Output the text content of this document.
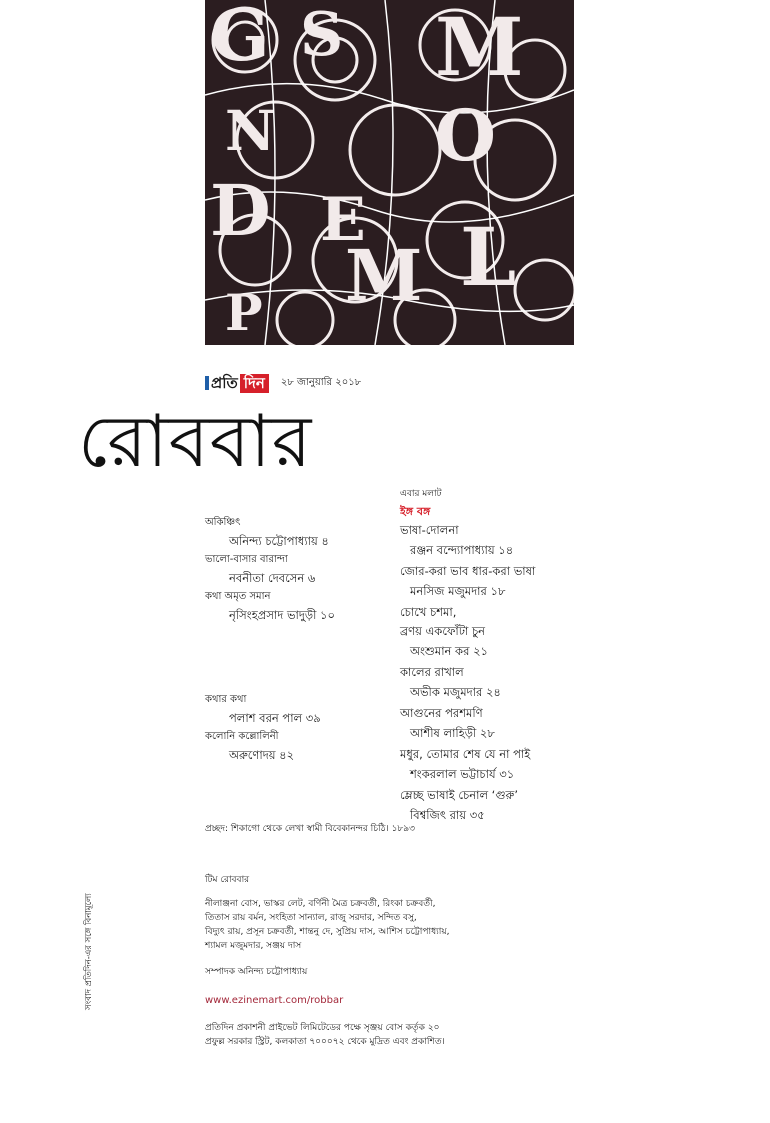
G S M
N O
D E
M L
P
প্রতি দিন	২৮ জানুয়ারি ২০১৮
রোববার
অকিঞ্চিৎ
অনিন্দ্য চট্টোপাধ্যায় ৪
ভালো-বাসার বারান্দা
নবনীতা দেবসেন ৬
কথা অমৃত সমান
নৃসিংহপ্রসাদ ভাদুড়ী ১০
কথার কথা
পলাশ বরন পাল ৩৯
কলোনি কল্লোলিনী
অরুণোদয় ৪২
এবার মলাট
ইঙ্গ বঙ্গ
ভাষা-দোলনা
রঞ্জন বন্দ্যোপাধ্যায় ১৪
জোর-করা ভাব ধার-করা ভাষা
মনসিজ মজুমদার ১৮
চোখে চশমা,
ব্রণয় একফোঁটা চুন
অংশুমান কর ২১
কালের রাখাল
অভীক মজুমদার ২৪
আগুনের পরশমণি
আশীষ লাহিড়ী ২৮
মধুর, তোমার শেষ যে না পাই
শংকরলাল ভট্টাচার্য ৩১
ম্লেচ্ছ ভাষাই চেনাল ‘গুরু’
বিশ্বজিৎ রায় ৩৫
প্রচ্ছদ: শিকাগো থেকে লেখা স্বামী বিবেকানন্দর চিঠি। ১৮৯৩

টিম রোববার

নীলাঞ্জনা বোস, ভাস্কর লেট, বর্ণিনী মৈত্র চক্রবর্তী, রিংকা চক্রবর্তী,

তিতাস রায় বর্মন, সংহিতা সান্যাল, রাজু সরদার, সন্দিত বসু,

বিদ্যুৎ রায়, প্রসূন চক্রবর্তী, শান্তনু দে, সুপ্রিয় দাস, আশিস চট্টোপাধ্যায়,

শ্যামল মজুমদার, সঞ্জয় দাস

সম্পাদক অনিন্দ্য চট্টোপাধ্যায়

www.ezinemart.com/robbar

প্রতিদিন প্রকাশনী প্রাইভেট লিমিটেডের পক্ষে সৃঞ্জয় বোস কর্তৃক ২০

প্রফুল্ল সরকার স্ট্রিট, কলকাতা ৭০০০৭২ থেকে মুদ্রিত এবং প্রকাশিত।

সংবাদ প্রতিদিন-এর সঙ্গে বিনামূল্যে
